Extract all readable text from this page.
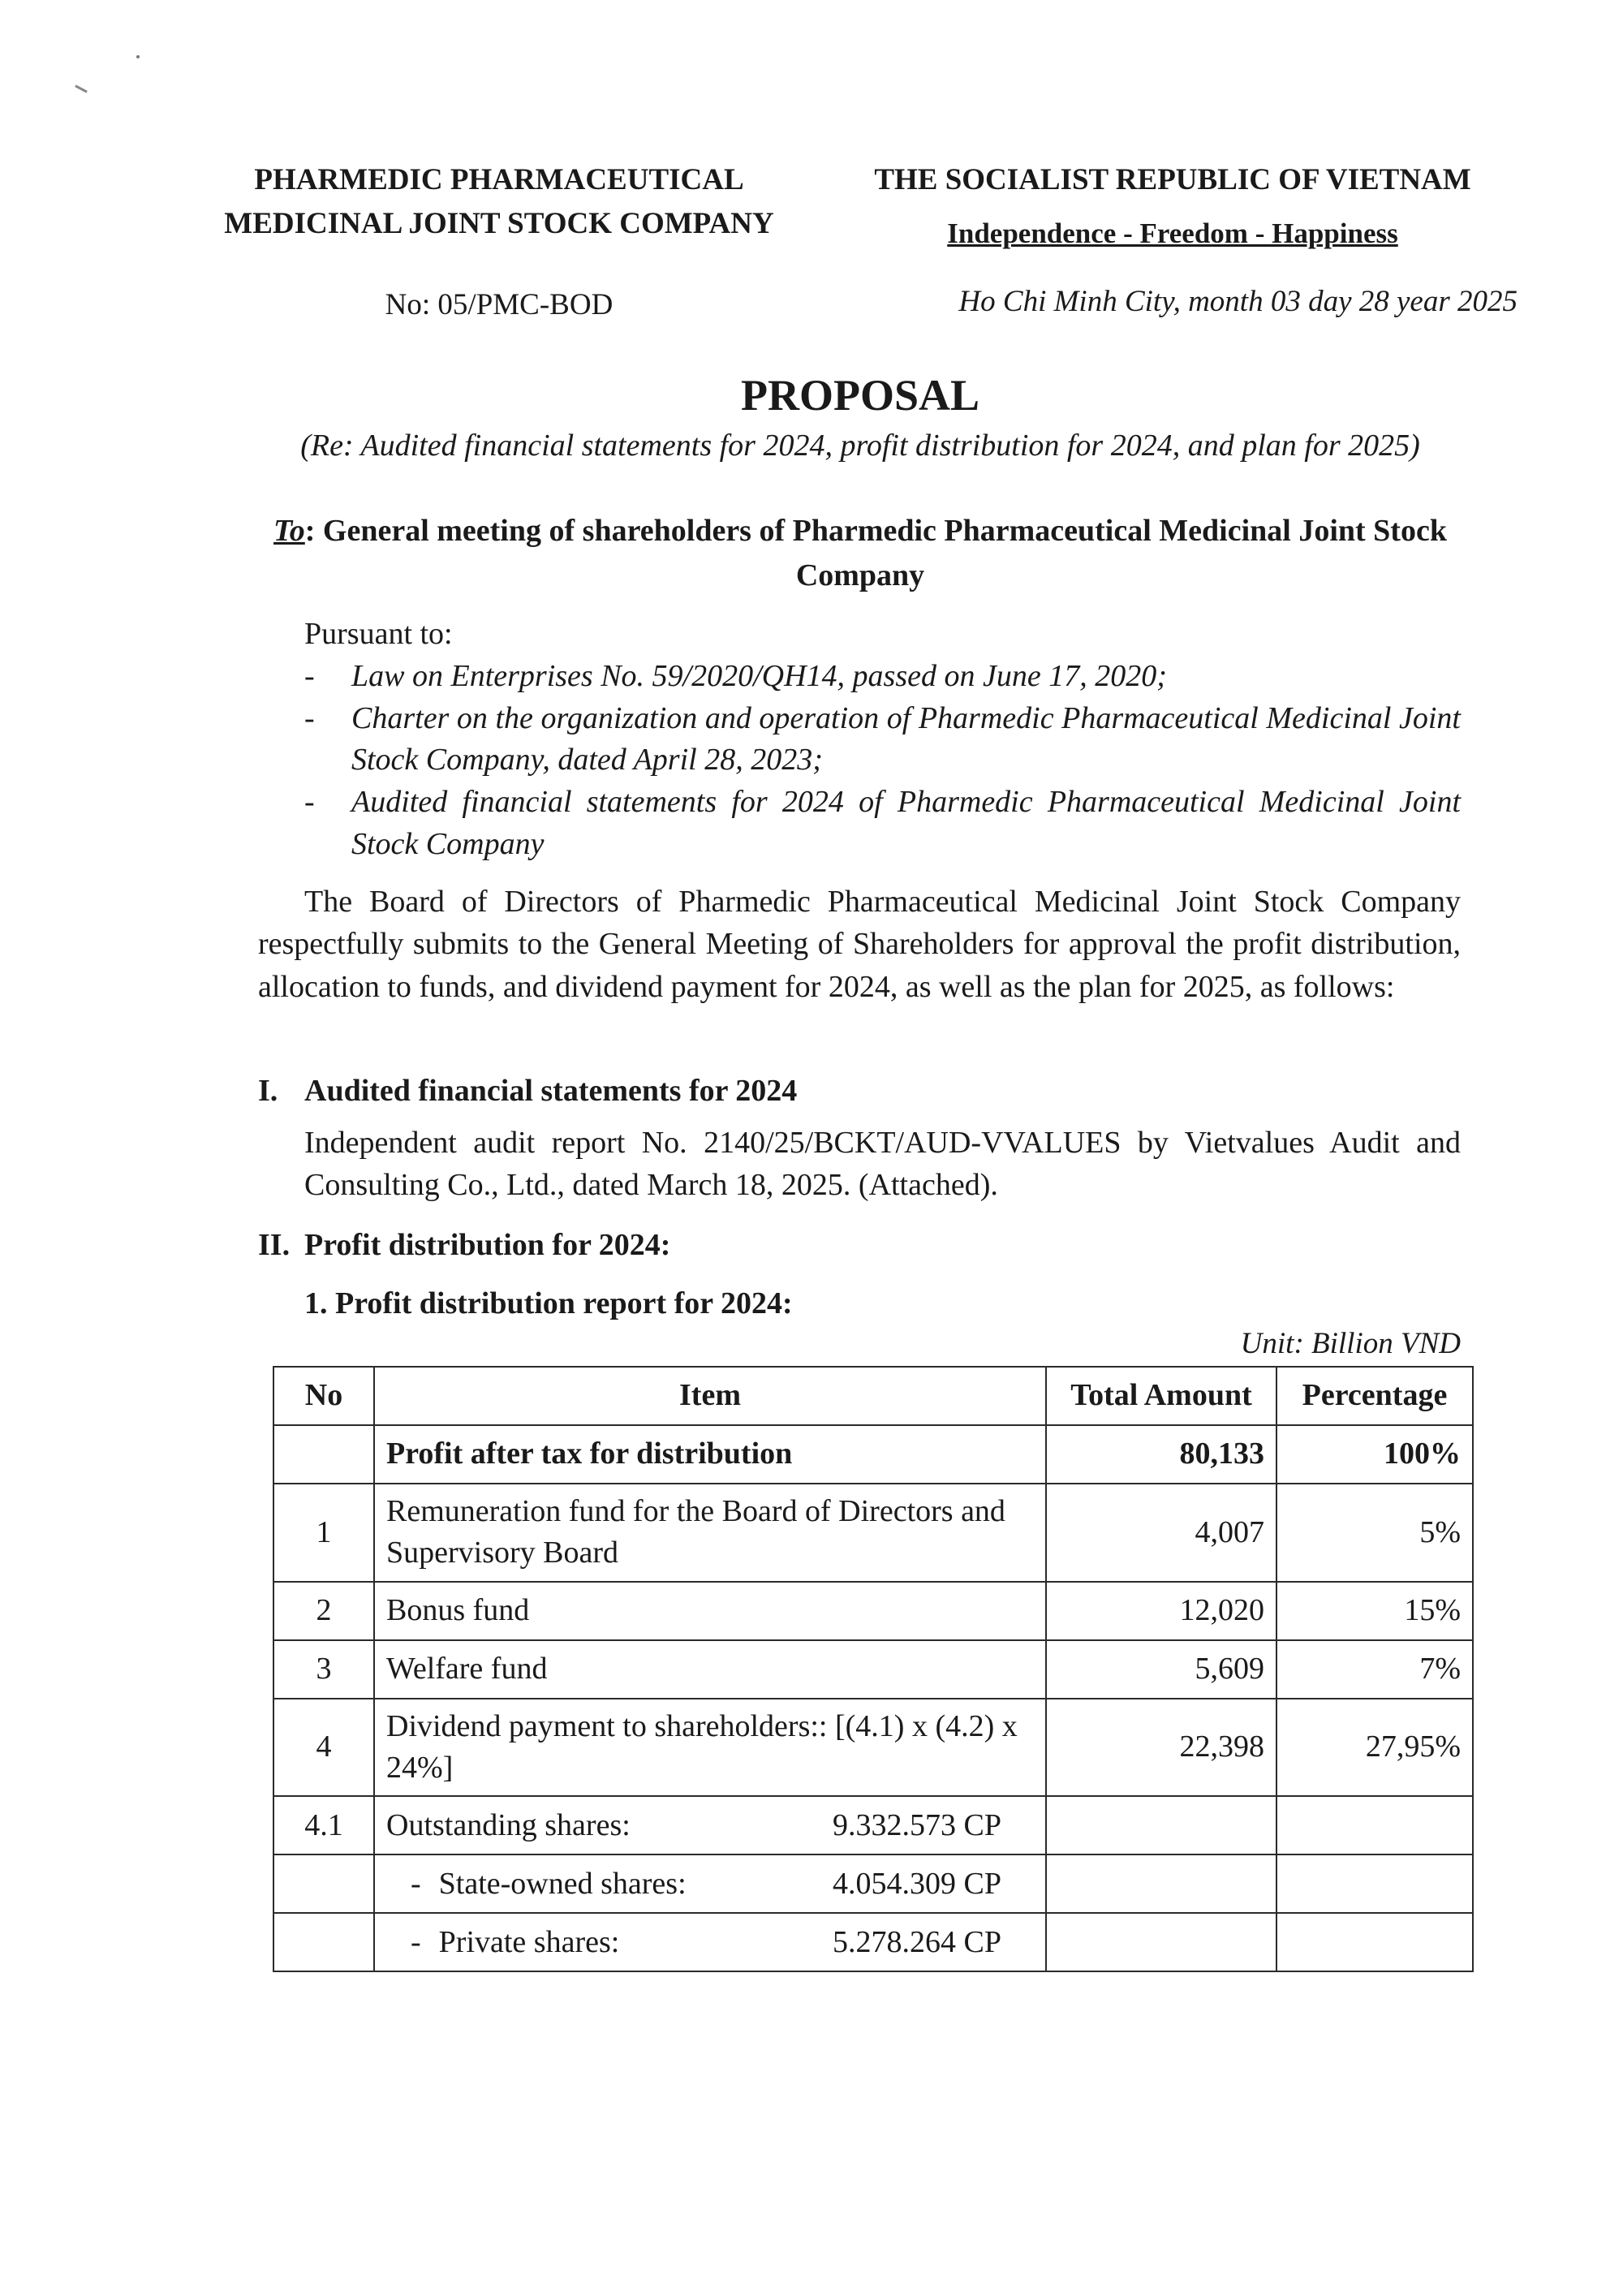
PHARMEDIC PHARMACEUTICAL
MEDICINAL JOINT STOCK COMPANY
THE SOCIALIST REPUBLIC OF VIETNAM
Independence - Freedom - Happiness
No: 05/PMC-BOD	Ho Chi Minh City, month 03 day 28 year 2025
PROPOSAL
(Re: Audited financial statements for 2024, profit distribution for 2024, and plan for 2025)
To: General meeting of shareholders of Pharmedic Pharmaceutical Medicinal Joint Stock Company
Pursuant to:
- Law on Enterprises No. 59/2020/QH14, passed on June 17, 2020;
- Charter on the organization and operation of Pharmedic Pharmaceutical Medicinal Joint Stock Company, dated April 28, 2023;
- Audited financial statements for 2024 of Pharmedic Pharmaceutical Medicinal Joint Stock Company
The Board of Directors of Pharmedic Pharmaceutical Medicinal Joint Stock Company respectfully submits to the General Meeting of Shareholders for approval the profit distribution, allocation to funds, and dividend payment for 2024, as well as the plan for 2025, as follows:
I. Audited financial statements for 2024
Independent audit report No. 2140/25/BCKT/AUD-VVALUES by Vietvalues Audit and Consulting Co., Ltd., dated March 18, 2025. (Attached).
II. Profit distribution for 2024:
1. Profit distribution report for 2024:
Unit: Billion VND
No	Item	Total Amount	Percentage
	Profit after tax for distribution	80,133	100%
1	Remuneration fund for the Board of Directors and Supervisory Board	4,007	5%
2	Bonus fund	12,020	15%
3	Welfare fund	5,609	7%
4	Dividend payment to shareholders:: [(4.1) x (4.2) x 24%]	22,398	27,95%
4.1	Outstanding shares: 9.332.573 CP		

	- State-owned shares: 4.054.309 CP

	- Private shares: 5.278.264 CP
